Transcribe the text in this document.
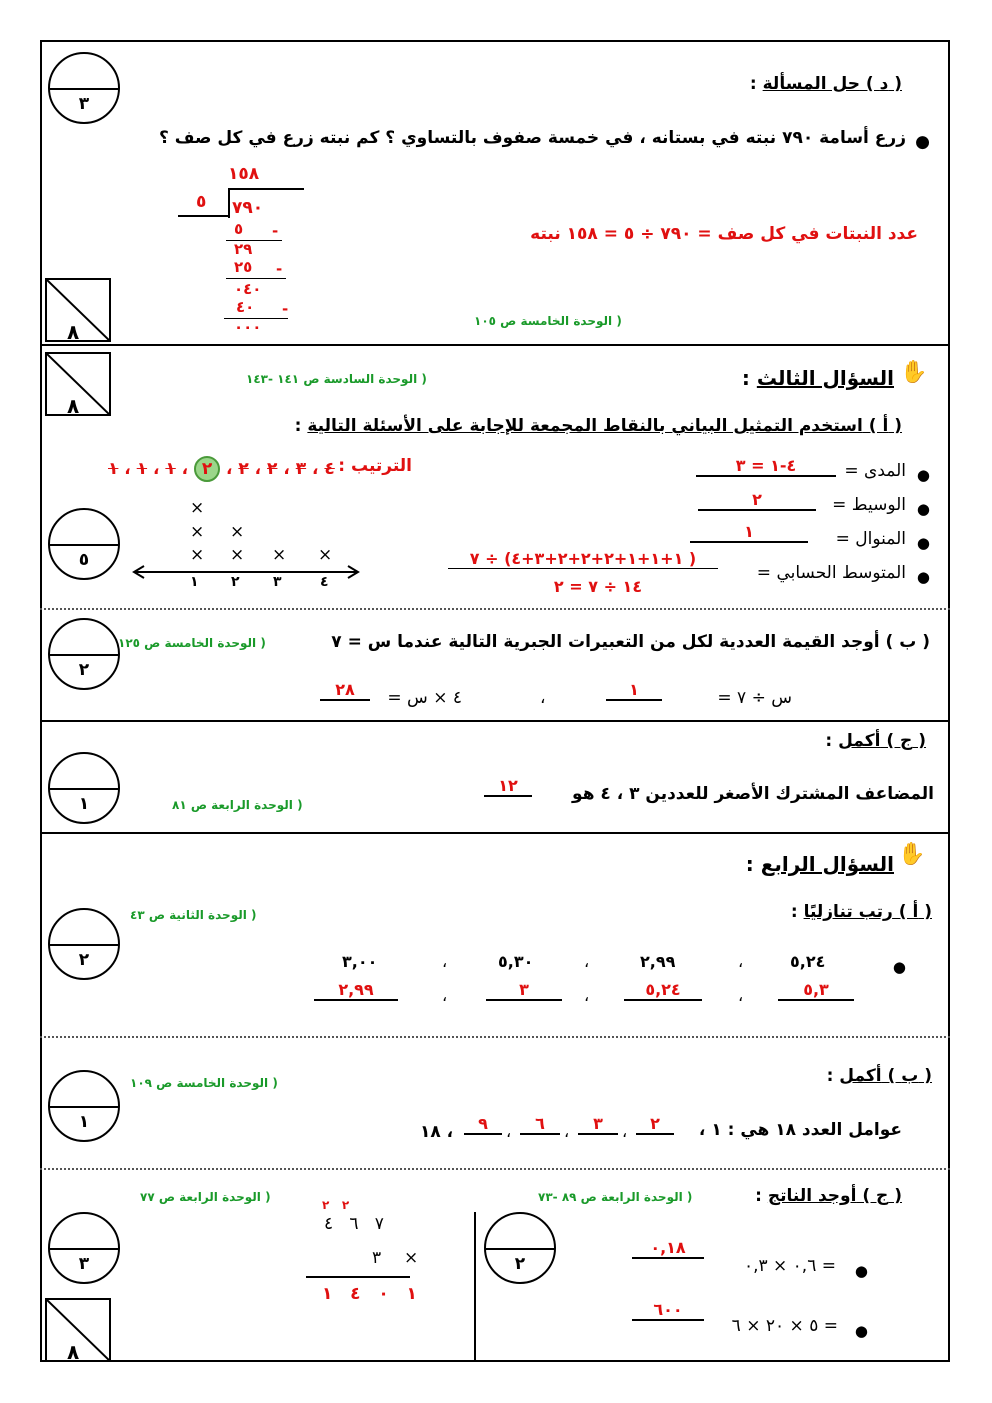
٣
( د ) حل المسألة :
●
زرع أسامة ٧٩٠ نبته في بستانه ، في خمسة صفوف بالتساوي ؟ كم نبته زرع في كل صف ؟
١٥٨
٥ ٧٩٠
٥ -
٢٩
٢٥ -
٠٤٠
٤٠ -
٠٠٠
عدد النبتات في كل صف = ٧٩٠ ÷ ٥ = ١٥٨ نبته
( الوحدة الخامسة ص ١٠٥
٨
٨
✋
السؤال الثالث :
( الوحدة السادسة ص ١٤١ -١٤٣
( أ ) استخدم التمثيل البياني بالنقاط المجمعة للإجابة على الأسئلة التالية :
الترتيب :
٤ ، ٣ ، ٢ ، ٢ ، ٢ ، ١ ، ١ ، ١
٥
×
×
×
×
× × ×
١ ٢ ٣	٤
●
المدى =
٤-١ = ٣
●
الوسيط =
٢
●
المنوال =
١
●
المتوسط الحسابي =
( ١+١+١+٢+٢+٢+٣+٤) ÷ ٧
١٤ ÷ ٧ = ٢
٢
( الوحدة الخامسة ص ١٢٥	( ب ) أوجد القيمة العددية لكل من التعبيرات الجبرية التالية عندما س = ٧
س ÷ ٧ =
١
،
٤ × س =
٢٨
( ج ) أكمل :
١	المضاعف المشترك الأصغر للعددين ٣ ، ٤ هو
١٢
( الوحدة الرابعة ص ٨١
✋
السؤال الرابع :
( أ ) رتب تنازليًا :
( الوحدة الثانية ص ٤٣
٢	●
٥,٢٤
،
٢,٩٩
،
٥,٣٠
،
٣,٠٠
٥,٣
،
٥,٢٤
،
٣
،
٢,٩٩
( ب ) أكمل :
( الوحدة الخامسة ص ١٠٩
١	عوامل العدد ١٨ هي : ١ ،
٢
،
٣
،
٦
،
٩
، ١٨
( ج ) أوجد الناتج :
( الوحدة الرابعة ص ٨٩ -٧٣
( الوحدة الرابعة ص ٧٧
٢
٣	●
= ٠,٦ × ٠,٣
٠,١٨
●
= ٥ × ٢٠ × ٦
٦٠٠
٢   ٢
٧   ٦   ٤
٣ ×
١   ٠   ٤   ١
٨
